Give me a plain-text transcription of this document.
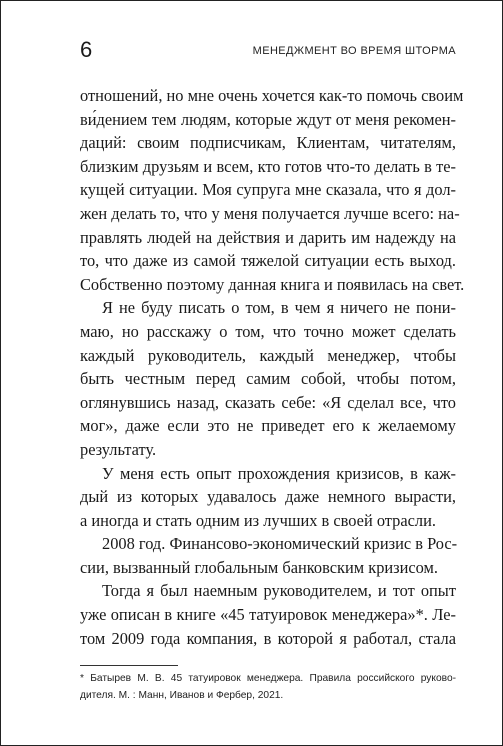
6	МЕНЕДЖМЕНТ ВО ВРЕМЯ ШТОРМА
отношений, но мне очень хочется как-то помочь своим
ви́дением тем людям, которые ждут от меня рекомен-
даций: своим подписчикам, Клиентам, читателям,
близким друзьям и всем, кто готов что-то делать в те-
кущей ситуации. Моя супруга мне сказала, что я дол-
жен делать то, что у меня получается лучше всего: на-
правлять людей на действия и дарить им надежду на
то, что даже из самой тяжелой ситуации есть выход.
Собственно поэтому данная книга и появилась на свет.
Я не буду писать о том, в чем я ничего не пони-
маю, но расскажу о том, что точно может сделать
каждый руководитель, каждый менеджер, чтобы
быть честным перед самим собой, чтобы потом,
оглянувшись назад, сказать себе: «Я сделал все, что
мог», даже если это не приведет его к желаемому
результату.
У меня есть опыт прохождения кризисов, в каж-
дый из которых удавалось даже немного вырасти,
а иногда и стать одним из лучших в своей отрасли.
2008 год. Финансово-экономический кризис в Рос-
сии, вызванный глобальным банковским кризисом.
Тогда я был наемным руководителем, и тот опыт
уже описан в книге «45 татуировок менеджера»*. Ле-
том 2009 года компания, в которой я работал, стала
* Батырев М. В. 45 татуировок менеджера. Правила российского руково-
дителя. М. : Манн, Иванов и Фербер, 2021.
